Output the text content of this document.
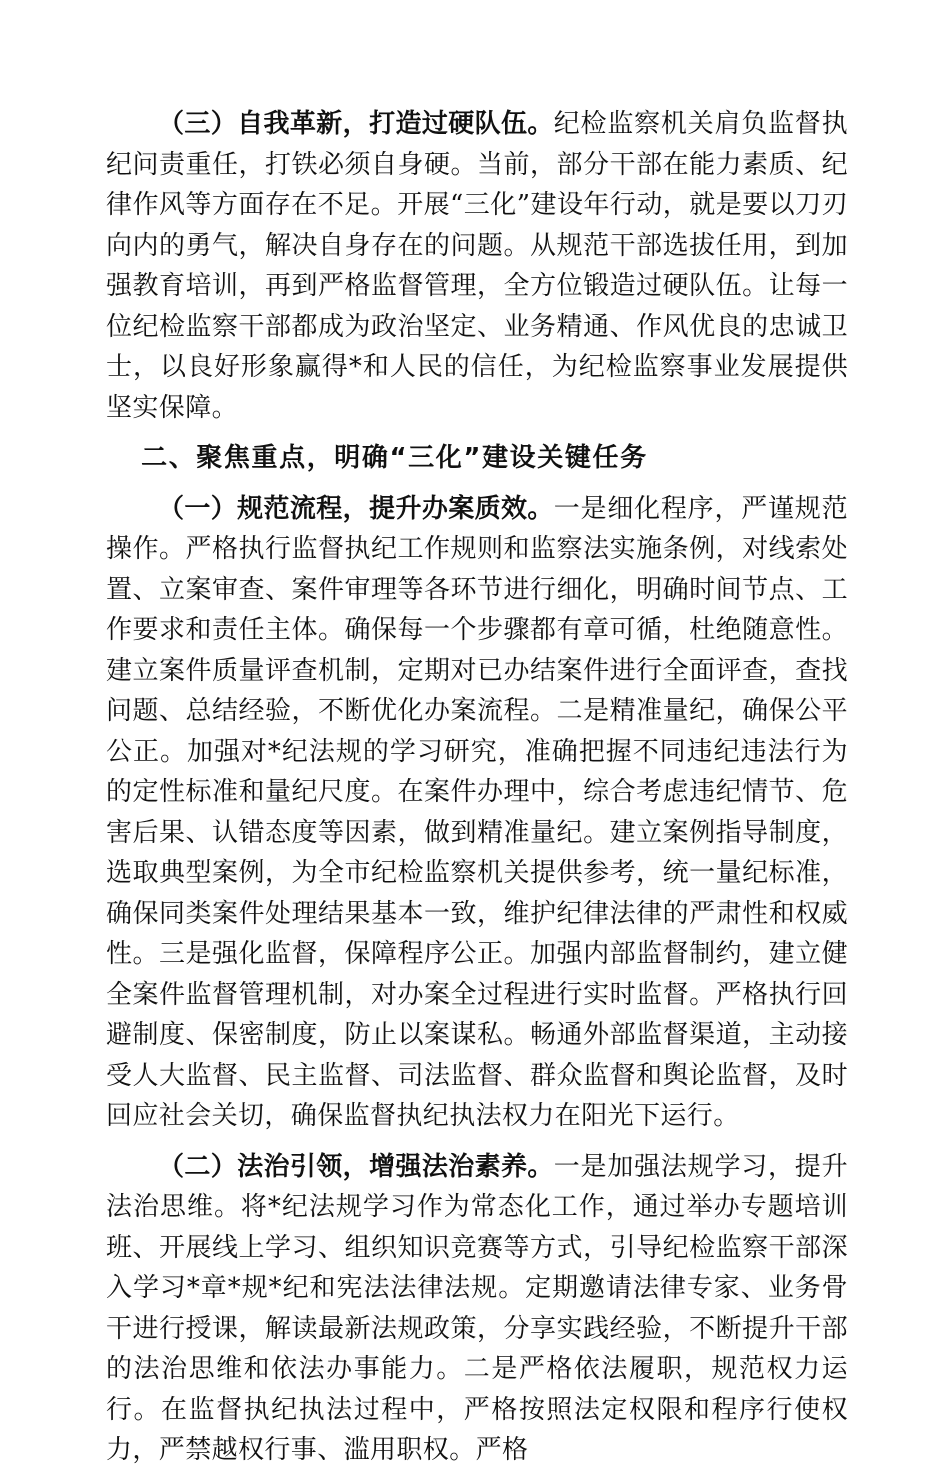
（三）自我革新，打造过硬队伍。纪检监察机关肩负监督执纪问责重任，打铁必须自身硬。当前，部分干部在能力素质、纪律作风等方面存在不足。开展“三化”建设年行动，就是要以刀刃向内的勇气，解决自身存在的问题。从规范干部选拔任用，到加强教育培训，再到严格监督管理，全方位锻造过硬队伍。让每一位纪检监察干部都成为政治坚定、业务精通、作风优良的忠诚卫士，以良好形象赢得*和人民的信任，为纪检监察事业发展提供坚实保障。

二、聚焦重点，明确“三化”建设关键任务

（一）规范流程，提升办案质效。一是细化程序，严谨规范操作。严格执行监督执纪工作规则和监察法实施条例，对线索处置、立案审查、案件审理等各环节进行细化，明确时间节点、工作要求和责任主体。确保每一个步骤都有章可循，杜绝随意性。建立案件质量评查机制，定期对已办结案件进行全面评查，查找问题、总结经验，不断优化办案流程。二是精准量纪，确保公平公正。加强对*纪法规的学习研究，准确把握不同违纪违法行为的定性标准和量纪尺度。在案件办理中，综合考虑违纪情节、危害后果、认错态度等因素，做到精准量纪。建立案例指导制度，选取典型案例，为全市纪检监察机关提供参考，统一量纪标准，确保同类案件处理结果基本一致，维护纪律法律的严肃性和权威性。三是强化监督，保障程序公正。加强内部监督制约，建立健全案件监督管理机制，对办案全过程进行实时监督。严格执行回避制度、保密制度，防止以案谋私。畅通外部监督渠道，主动接受人大监督、民主监督、司法监督、群众监督和舆论监督，及时回应社会关切，确保监督执纪执法权力在阳光下运行。

（二）法治引领，增强法治素养。一是加强法规学习，提升法治思维。将*纪法规学习作为常态化工作，通过举办专题培训班、开展线上学习、组织知识竞赛等方式，引导纪检监察干部深入学习*章*规*纪和宪法法律法规。定期邀请法律专家、业务骨干进行授课，解读最新法规政策，分享实践经验，不断提升干部的法治思维和依法办事能力。二是严格依法履职，规范权力运行。在监督执纪执法过程中，严格按照法定权限和程序行使权力，严禁越权行事、滥用职权。严格
